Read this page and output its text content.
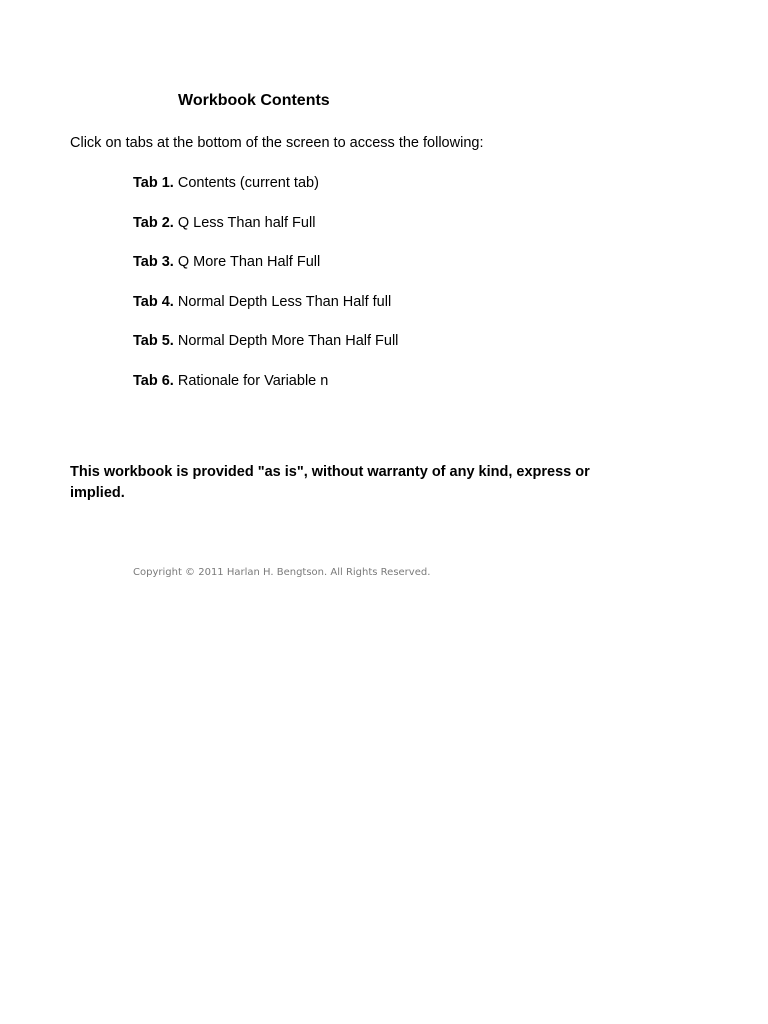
Workbook Contents
Click on tabs at the bottom of the screen to access the following:
Tab 1. Contents (current tab)
Tab 2. Q Less Than half Full
Tab 3. Q More Than Half Full
Tab 4. Normal Depth Less Than Half full
Tab 5. Normal Depth More Than Half Full
Tab 6. Rationale for Variable n
This workbook is provided "as is", without warranty of any kind, express or implied.
Copyright © 2011 Harlan H. Bengtson. All Rights Reserved.
